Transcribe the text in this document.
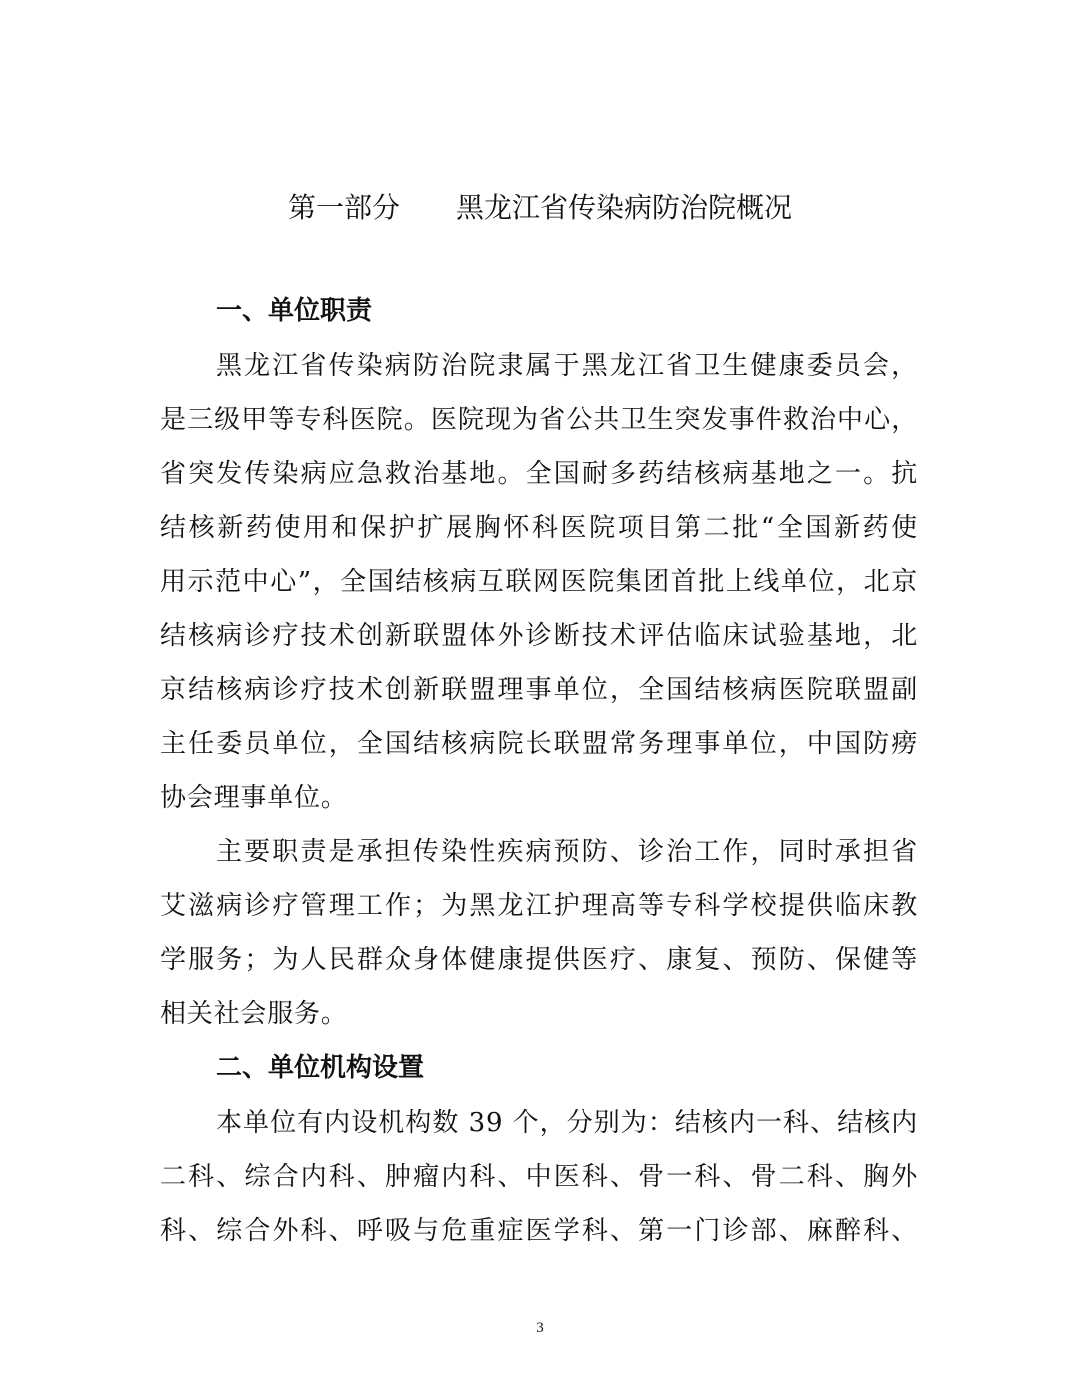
第一部分 黑龙江省传染病防治院概况
一、单位职责
黑龙江省传染病防治院隶属于黑龙江省卫生健康委员会，
是三级甲等专科医院。医院现为省公共卫生突发事件救治中心，
省突发传染病应急救治基地。全国耐多药结核病基地之一。抗
结核新药使用和保护扩展胸怀科医院项目第二批“全国新药使
用示范中心”，全国结核病互联网医院集团首批上线单位，北京
结核病诊疗技术创新联盟体外诊断技术评估临床试验基地，北
京结核病诊疗技术创新联盟理事单位，全国结核病医院联盟副
主任委员单位，全国结核病院长联盟常务理事单位，中国防痨
协会理事单位。
主要职责是承担传染性疾病预防、诊治工作，同时承担省
艾滋病诊疗管理工作；为黑龙江护理高等专科学校提供临床教
学服务；为人民群众身体健康提供医疗、康复、预防、保健等
相关社会服务。
二、单位机构设置
本单位有内设机构数 39 个，分别为：结核内一科、结核内
二科、综合内科、肿瘤内科、中医科、骨一科、骨二科、胸外
科、综合外科、呼吸与危重症医学科、第一门诊部、麻醉科、
3
